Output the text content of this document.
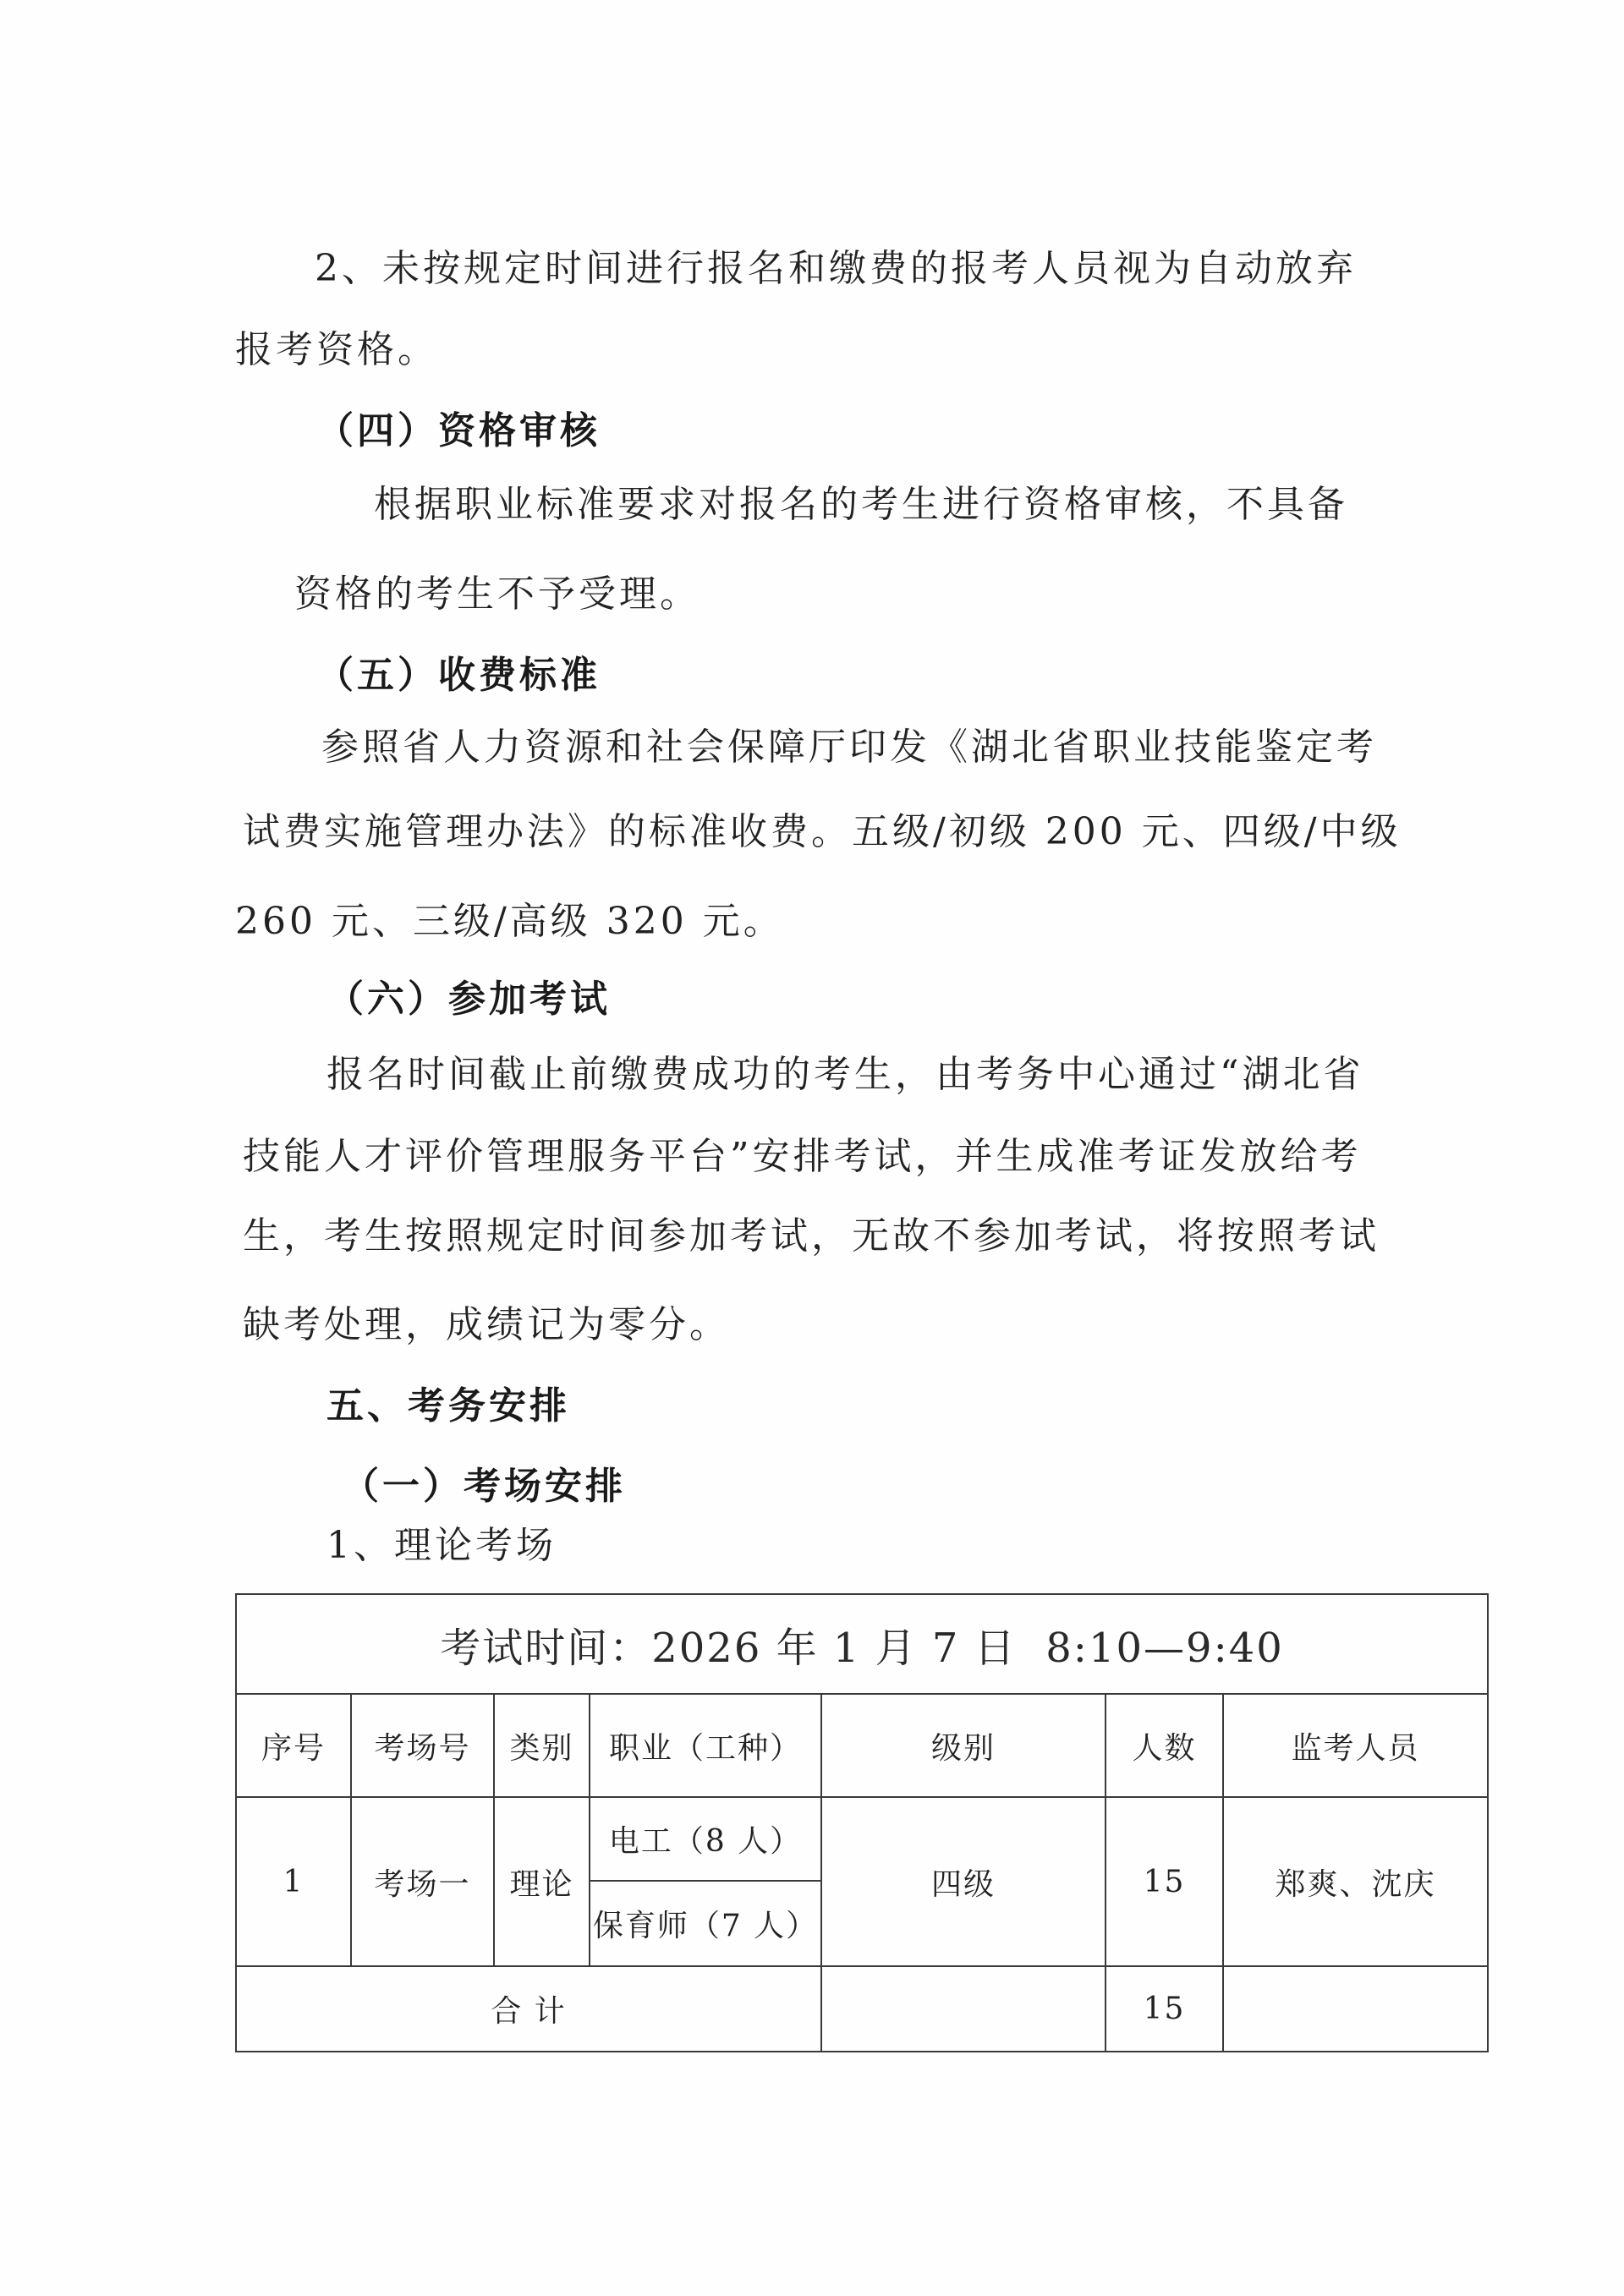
2、未按规定时间进行报名和缴费的报考人员视为自动放弃
报考资格。
（四）资格审核
根据职业标准要求对报名的考生进行资格审核，不具备
资格的考生不予受理。
（五）收费标准
参照省人力资源和社会保障厅印发《湖北省职业技能鉴定考
试费实施管理办法》的标准收费。五级/初级 200 元、四级/中级
260 元、三级/高级 320 元。
（六）参加考试
报名时间截止前缴费成功的考生，由考务中心通过“湖北省
技能人才评价管理服务平台”安排考试，并生成准考证发放给考
生，考生按照规定时间参加考试，无故不参加考试，将按照考试
缺考处理，成绩记为零分。
五、考务安排
（一）考场安排
1、理论考场
考试时间：2026 年 1 月 7 日  8:10—9:40						
序号	考场号	类别	职业（工种）	级别	人数	监考人员
1	考场一	理论	电工（8 人）	四级	15	郑爽、沈庆
			保育师（7 人）			
合 计					15	
